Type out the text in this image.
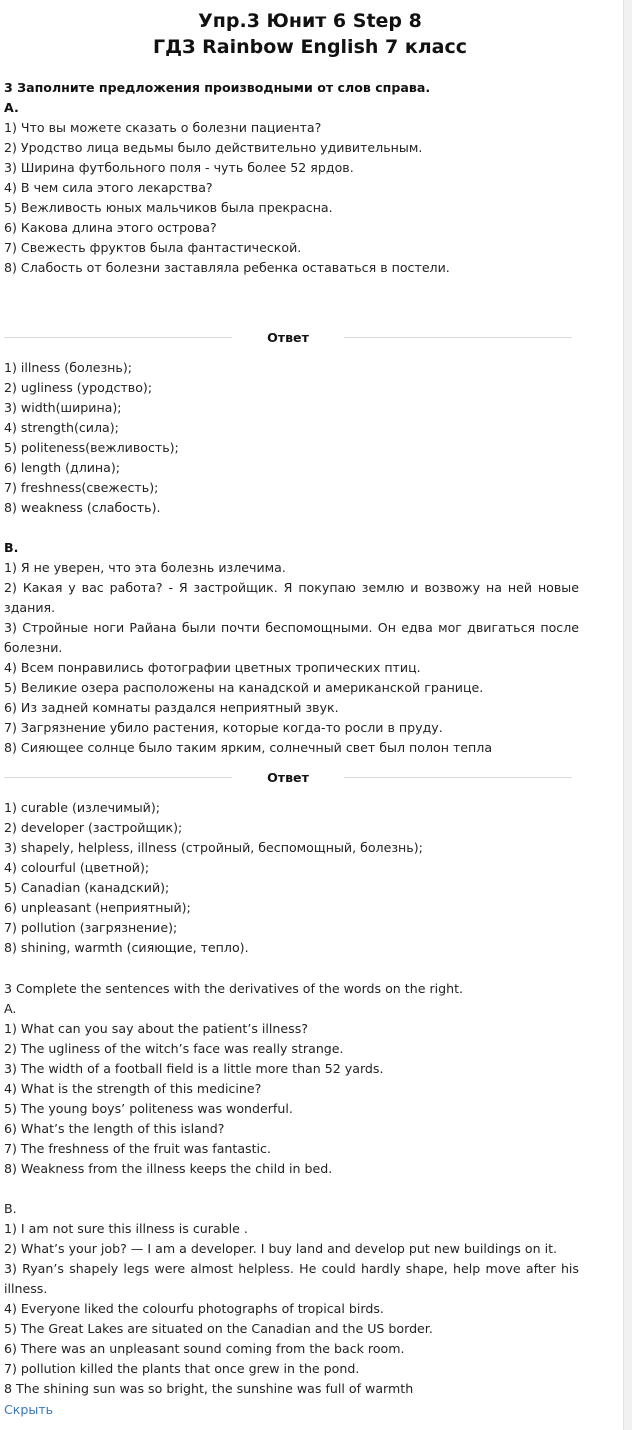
Упр.3 Юнит 6 Step 8
ГДЗ Rainbow English 7 класс
3 Заполните предложения производными от слов справа.
A.
1) Что вы можете сказать о болезни пациента?
2) Уродство лица ведьмы было действительно удивительным.
3) Ширина футбольного поля - чуть более 52 ярдов.
4) В чем сила этого лекарства?
5) Вежливость юных мальчиков была прекрасна.
6) Какова длина этого острова?
7) Свежесть фруктов была фантастической.
8) Слабость от болезни заставляла ребенка оставаться в постели.
Ответ
1) illness (болезнь);
2) ugliness (уродство);
3) width(ширина);
4) strength(сила);
5) politeness(вежливость);
6) length (длина);
7) freshness(свежесть);
8) weakness (слабость).
B.
1) Я не уверен, что эта болезнь излечима.
2) Какая у вас работа? - Я застройщик. Я покупаю землю и возвожу на ней новые здания.
3) Стройные ноги Райана были почти беспомощными. Он едва мог двигаться после болезни.
4) Всем понравились фотографии цветных тропических птиц.
5) Великие озера расположены на канадской и американской границе.
6) Из задней комнаты раздался неприятный звук.
7) Загрязнение убило растения, которые когда-то росли в пруду.
8) Сияющее солнце было таким ярким, солнечный свет был полон тепла
Ответ
1) curable (излечимый);
2) developer (застройщик);
3) shapely, helpless, illness (стройный, беспомощный, болезнь);
4) colourful (цветной);
5) Canadian (канадский);
6) unpleasant (неприятный);
7) pollution (загрязнение);
8) shining, warmth (сияющие, тепло).
3 Complete the sentences with the derivatives of the words on the right.
A.
1) What can you say about the patient’s illness?
2) The ugliness of the witch’s face was really strange.
3) The width of a football field is a little more than 52 yards.
4) What is the strength of this medicine?
5) The young boys’ politeness was wonderful.
6) What’s the length of this island?
7) The freshness of the fruit was fantastic.
8) Weakness from the illness keeps the child in bed.
B.
1) I am not sure this illness is curable .
2) What’s your job? — I am a developer. I buy land and develop put new buildings on it.
3) Ryan’s shapely legs were almost helpless. He could hardly shape, help move after his illness.
4) Everyone liked the colourfu photographs of tropical birds.
5) The Great Lakes are situated on the Canadian and the US border.
6) There was an unpleasant sound coming from the back room.
7) pollution killed the plants that once grew in the pond.
8 The shining sun was so bright, the sunshine was full of warmth
Скрыть
